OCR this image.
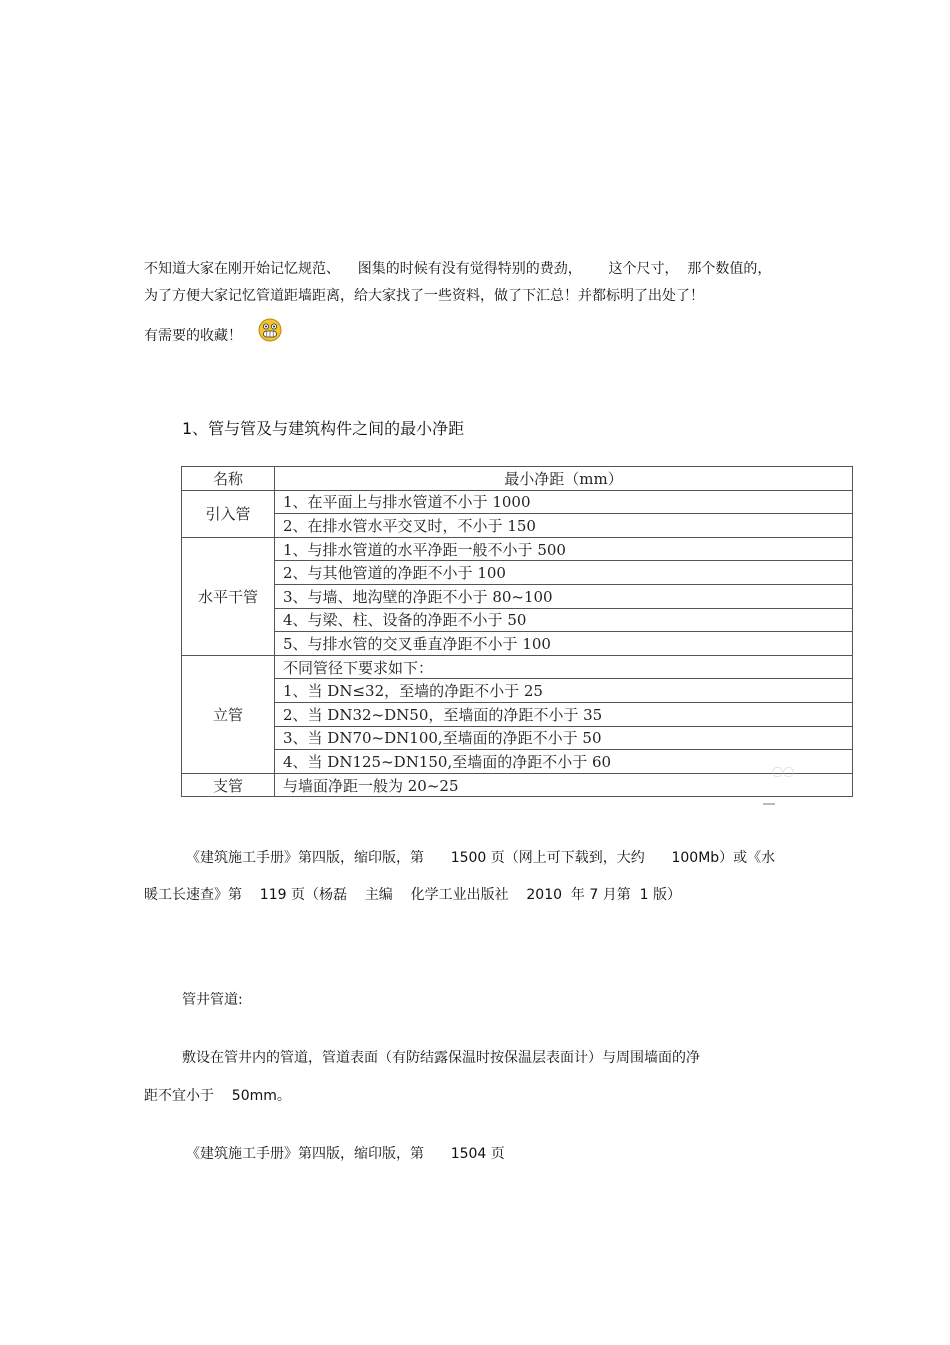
不知道大家在刚开始记忆规范、    图集的时候有没有觉得特别的费劲，      这个尺寸，  那个数值的，
为了方便大家记忆管道距墙距离，给大家找了一些资料，做了下汇总！并都标明了出处了！
有需要的收藏！
1、管与管及与建筑构件之间的最小净距
名称	最小净距（mm）
引入管	1、在平面上与排水管道不小于 1000
	2、在排水管水平交叉时，不小于 150
水平干管	1、与排水管道的水平净距一般不小于 500
	2、与其他管道的净距不小于 100
	3、与墙、地沟壁的净距不小于 80~100
	4、与梁、柱、设备的净距不小于 50
	5、与排水管的交叉垂直净距不小于 100
立管	不同管径下要求如下：
	1、当 DN≤32，至墙的净距不小于 25
	2、当 DN32~DN50，至墙面的净距不小于 35
	3、当 DN70~DN100,至墙面的净距不小于 50
	4、当 DN125~DN150,至墙面的净距不小于 60
支管	与墙面净距一般为 20~25
〇〇
《建筑施工手册》第四版，缩印版，第      1500 页（网上可下载到，大约      100Mb）或《水
暖工长速查》第    119 页（杨磊    主编    化学工业出版社    2010  年 7 月第  1 版）
管井管道:
敷设在管井内的管道，管道表面（有防结露保温时按保温层表面计）与周围墙面的净
距不宜小于    50mm。
《建筑施工手册》第四版，缩印版，第      1504 页
